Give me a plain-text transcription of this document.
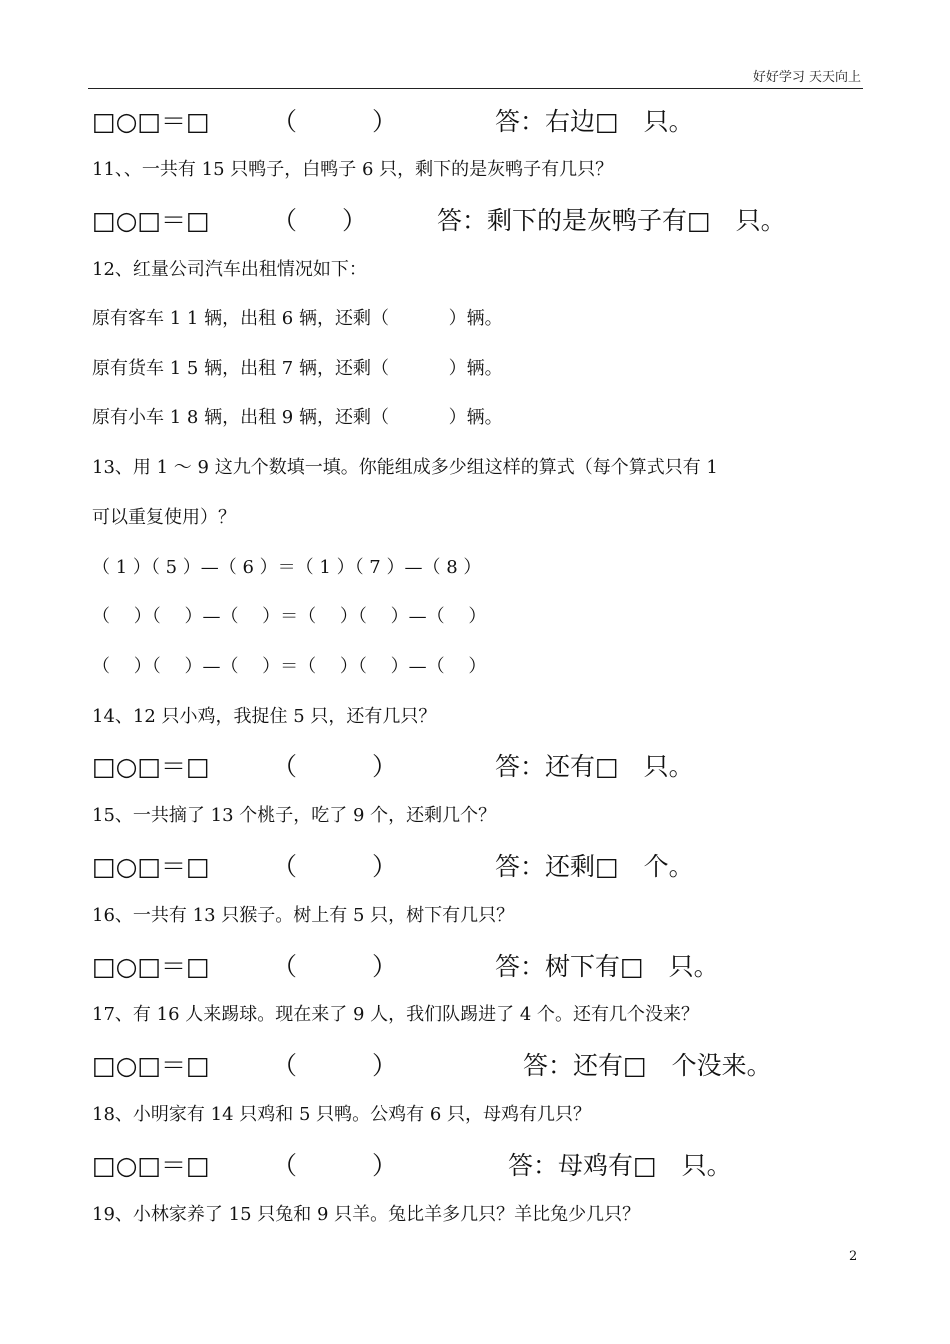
好好学习 天天向上
□○□＝□ （	）	答：右边□　只。
11、、一共有 15 只鸭子，白鸭子 6 只，剩下的是灰鸭子有几只？
□○□＝□ （ ）	答：剩下的是灰鸭子有□　只。
12、红量公司汽车出租情况如下：
原有客车 1 1 辆，出租 6 辆，还剩（　　　 ）辆。
原有货车 1 5 辆，出租 7 辆，还剩（　　　 ）辆。
原有小车 1 8 辆，出租 9 辆，还剩（　　　 ）辆。
13、用 1 ～ 9 这九个数填一填。你能组成多少组这样的算式（每个算式只有 1
可以重复使用）？
（ 1 ）（ 5 ）—（ 6 ）＝（ 1 ）（ 7 ）—（ 8 ）
（　 ）（　 ）—（　 ）＝（　 ）（　 ）—（　 ）
（　 ）（　 ）—（　 ）＝（　 ）（　 ）—（　 ）
14、12 只小鸡，我捉住 5 只，还有几只？
□○□＝□ （	）	答：还有□　只。
15、一共摘了 13 个桃子，吃了 9 个，还剩几个？
□○□＝□ （	）	答：还剩□　个。
16、一共有 13 只猴子。树上有 5 只，树下有几只？
□○□＝□ （	）	答：树下有□　只。
17、有 16 人来踢球。现在来了 9 人，我们队踢进了 4 个。还有几个没来？
□○□＝□ （	）	答：还有□　个没来。
18、小明家有 14 只鸡和 5 只鸭。公鸡有 6 只，母鸡有几只？
□○□＝□ （	）	答：母鸡有□　只。
19、小林家养了 15 只兔和 9 只羊。兔比羊多几只？羊比兔少几只？
2
